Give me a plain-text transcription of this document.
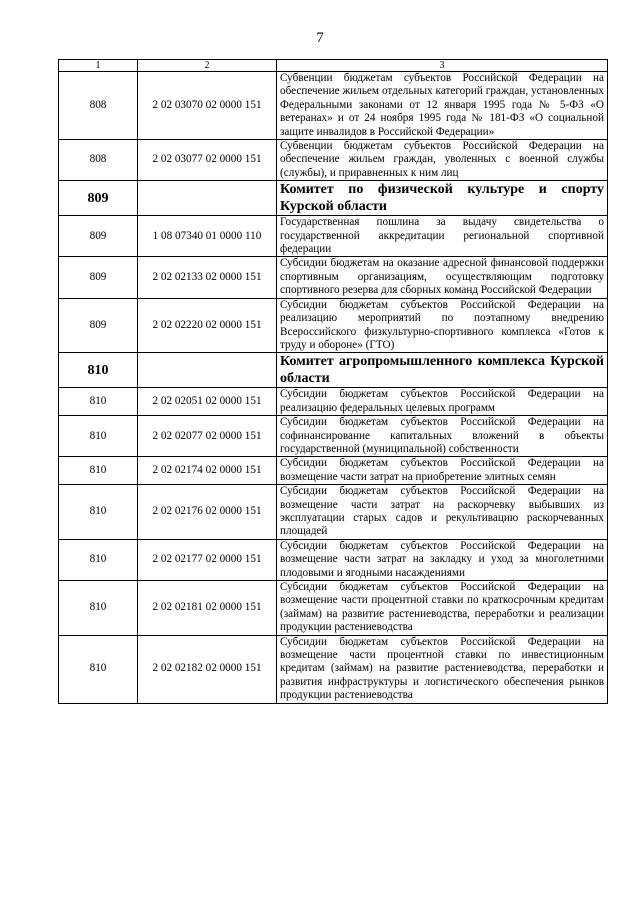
7
1	2	3
808	2 02 03070 02 0000 151	Субвенции бюджетам субъектов Российской Федерации на обеспечение жильем отдельных категорий граждан, установленных Федеральными законами от 12 января 1995 года № 5-ФЗ «О ветеранах» и от 24 ноября 1995 года № 181-ФЗ «О социальной защите инвалидов в Российской Федерации»
808	2 02 03077 02 0000 151	Субвенции бюджетам субъектов Российской Федерации на обеспечение жильем граждан, уволенных с военной службы (службы), и приравненных к ним лиц
809		Комитет по физической культуре и спорту Курской области
809	1 08 07340 01 0000 110	Государственная пошлина за выдачу свидетельства о государственной аккредитации региональной спортивной федерации
809	2 02 02133 02 0000 151	Субсидии бюджетам на оказание адресной финансовой поддержки спортивным организациям, осуществляющим подготовку спортивного резерва для сборных команд Российской Федерации
809	2 02 02220 02 0000 151	Субсидии бюджетам субъектов Российской Федерации на реализацию мероприятий по поэтапному внедрению Всероссийского физкультурно-спортивного комплекса «Готов к труду и обороне» (ГТО)
810		Комитет агропромышленного комплекса Курской области
810	2 02 02051 02 0000 151	Субсидии бюджетам субъектов Российской Федерации на реализацию федеральных целевых программ
810	2 02 02077 02 0000 151	Субсидии бюджетам субъектов Российской Федерации на софинансирование капитальных вложений в объекты государственной (муниципальной) собственности
810	2 02 02174 02 0000 151	Субсидии бюджетам субъектов Российской Федерации на возмещение части затрат на приобретение элитных семян
810	2 02 02176 02 0000 151	Субсидии бюджетам субъектов Российской Федерации на возмещение части затрат на раскорчевку выбывших из эксплуатации старых садов и рекультивацию раскорчеванных площадей
810	2 02 02177 02 0000 151	Субсидии бюджетам субъектов Российской Федерации на возмещение части затрат на закладку и уход за многолетними плодовыми и ягодными насаждениями
810	2 02 02181 02 0000 151	Субсидии бюджетам субъектов Российской Федерации на возмещение части процентной ставки по краткосрочным кредитам (займам) на развитие растениеводства, переработки и реализации продукции растениеводства
810	2 02 02182 02 0000 151	Субсидии бюджетам субъектов Российской Федерации на возмещение части процентной ставки по инвестиционным кредитам (займам) на развитие растениеводства, переработки и развития инфраструктуры и логистического обеспечения рынков продукции растениеводства
